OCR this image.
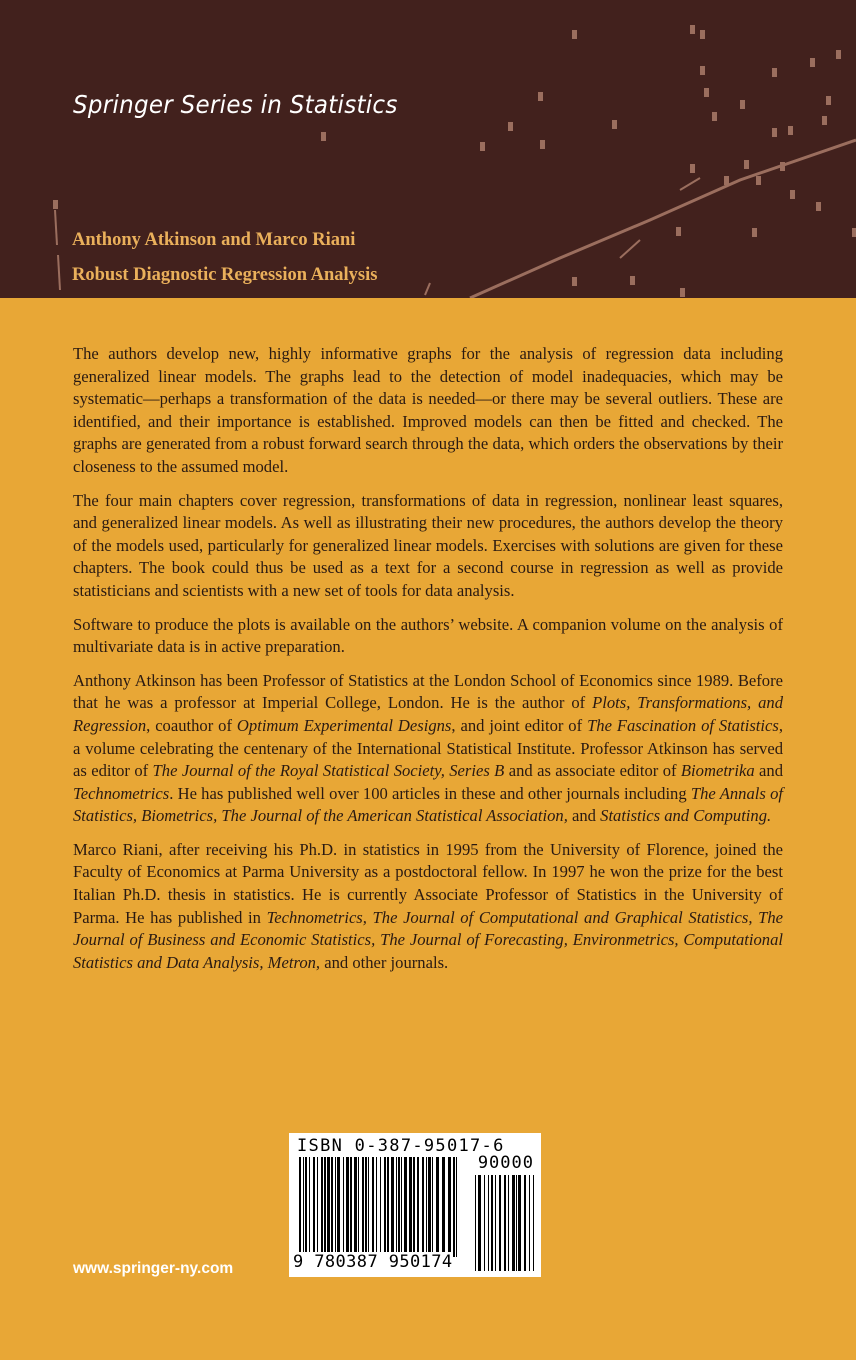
Springer Series in Statistics
Anthony Atkinson and Marco Riani
Robust Diagnostic Regression Analysis

The authors develop new, highly informative graphs for the analysis of regression data including generalized linear models. The graphs lead to the detection of model inadequacies, which may be systematic—perhaps a transformation of the data is needed—or there may be several outliers. These are identified, and their importance is established. Improved models can then be fitted and checked. The graphs are generated from a robust forward search through the data, which orders the observations by their closeness to the assumed model.

The four main chapters cover regression, transformations of data in regression, nonlinear least squares, and generalized linear models. As well as illustrating their new procedures, the authors develop the theory of the models used, particularly for generalized linear models. Exercises with solutions are given for these chapters. The book could thus be used as a text for a second course in regression as well as provide statisticians and scientists with a new set of tools for data analysis.

Software to produce the plots is available on the authors’ website. A companion volume on the analysis of multivariate data is in active preparation.

Anthony Atkinson has been Professor of Statistics at the London School of Economics since 1989. Before that he was a professor at Imperial College, London. He is the author of Plots, Transformations, and Regression, coauthor of Optimum Experimental Designs, and joint editor of The Fascination of Statistics, a volume celebrating the centenary of the International Statistical Institute. Professor Atkinson has served as editor of The Journal of the Royal Statistical Society, Series B and as associate editor of Biometrika and Technometrics. He has published well over 100 articles in these and other journals including The Annals of Statistics, Biometrics, The Journal of the American Statistical Association, and Statistics and Computing.

Marco Riani, after receiving his Ph.D. in statistics in 1995 from the University of Florence, joined the Faculty of Economics at Parma University as a postdoctoral fellow. In 1997 he won the prize for the best Italian Ph.D. thesis in statistics. He is currently Associate Professor of Statistics in the University of Parma. He has published in Technometrics, The Journal of Computational and Graphical Statistics, The Journal of Business and Economic Statistics, The Journal of Forecasting, Environmetrics, Computational Statistics and Data Analysis, Metron, and other journals.

ISBN 0-387-95017-6
90000
9 780387 950174
www.springer-ny.com
